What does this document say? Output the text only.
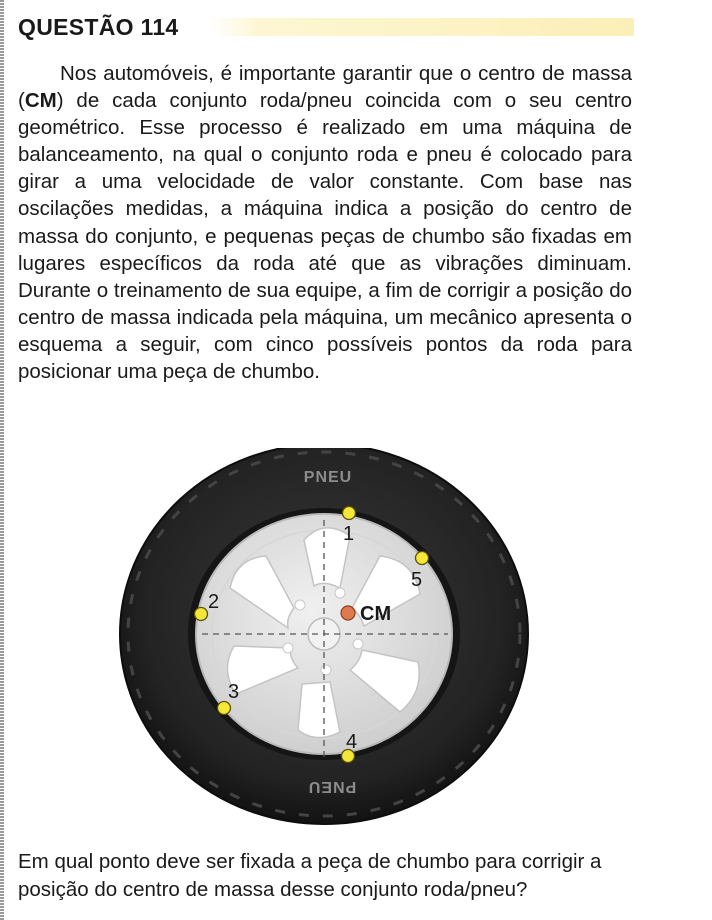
QUESTÃO 114

Nos automóveis, é importante garantir que o centro de massa (CM) de cada conjunto roda/pneu coincida com o seu centro geométrico. Esse processo é realizado em uma máquina de balanceamento, na qual o conjunto roda e pneu é colocado para girar a uma velocidade de valor constante. Com base nas oscilações medidas, a máquina indica a posição do centro de massa do conjunto, e pequenas peças de chumbo são fixadas em lugares específicos da roda até que as vibrações diminuam. Durante o treinamento de sua equipe, a fim de corrigir a posição do centro de massa indicada pela máquina, um mecânico apresenta o esquema a seguir, com cinco possíveis pontos da roda para posicionar uma peça de chumbo.

PNEU
PNEU
CM
1
2
3
4
5

Em qual ponto deve ser fixada a peça de chumbo para corrigir a posição do centro de massa desse conjunto roda/pneu?
